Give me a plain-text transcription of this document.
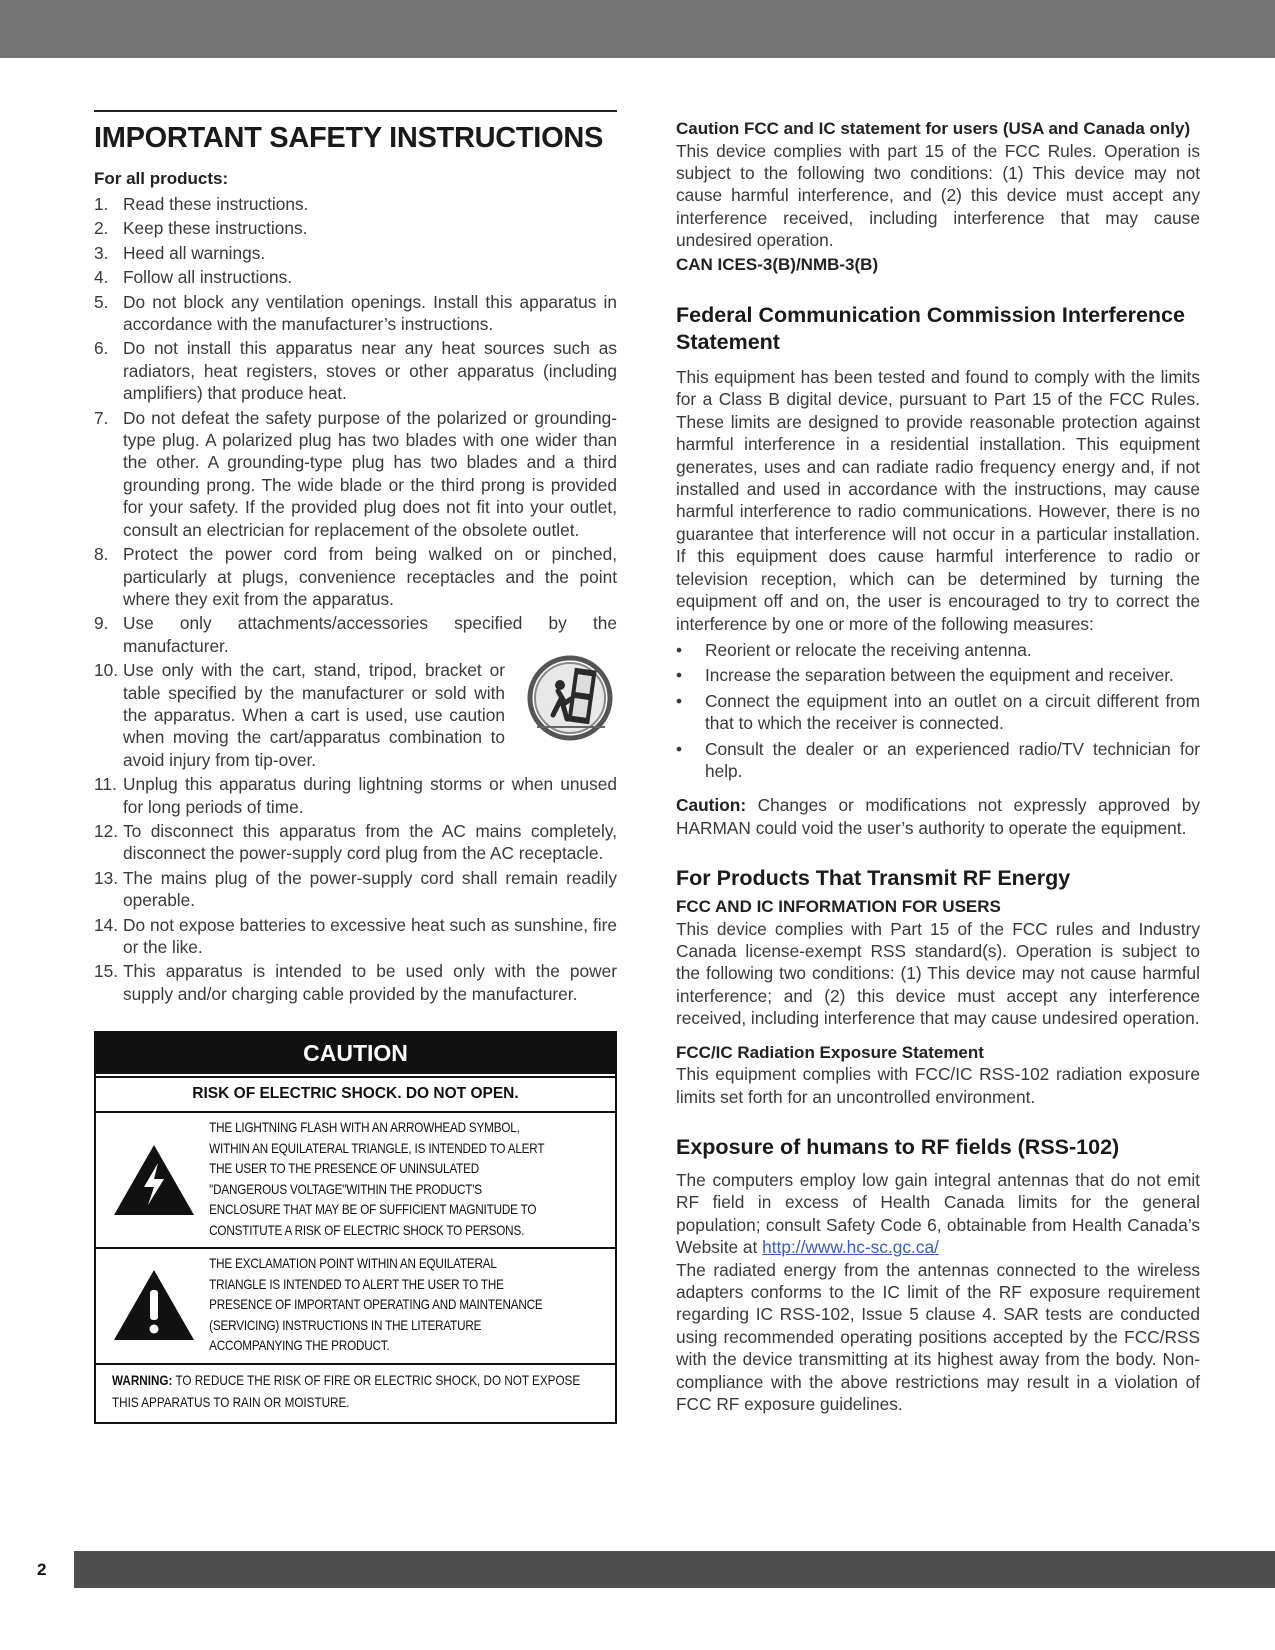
IMPORTANT SAFETY INSTRUCTIONS
For all products:
1. Read these instructions.
2. Keep these instructions.
3. Heed all warnings.
4. Follow all instructions.
5. Do not block any ventilation openings. Install this apparatus in accordance with the manufacturer’s instructions.
6. Do not install this apparatus near any heat sources such as radiators, heat registers, stoves or other apparatus (including amplifiers) that produce heat.
7. Do not defeat the safety purpose of the polarized or grounding-type plug. A polarized plug has two blades with one wider than the other. A grounding-type plug has two blades and a third grounding prong. The wide blade or the third prong is provided for your safety. If the provided plug does not fit into your outlet, consult an electrician for replacement of the obsolete outlet.
8. Protect the power cord from being walked on or pinched, particularly at plugs, convenience receptacles and the point where they exit from the apparatus.
9. Use only attachments/accessories specified by the manufacturer.
10. Use only with the cart, stand, tripod, bracket or table specified by the manufacturer or sold with the apparatus. When a cart is used, use caution when moving the cart/apparatus combination to avoid injury from tip-over.
11. Unplug this apparatus during lightning storms or when unused for long periods of time.
12. To disconnect this apparatus from the AC mains completely, disconnect the power-supply cord plug from the AC receptacle.
13. The mains plug of the power-supply cord shall remain readily operable.
14. Do not expose batteries to excessive heat such as sunshine, fire or the like.
15. This apparatus is intended to be used only with the power supply and/or charging cable provided by the manufacturer.
CAUTION
RISK OF ELECTRIC SHOCK. DO NOT OPEN.
THE LIGHTNING FLASH WITH AN ARROWHEAD SYMBOL, WITHIN AN EQUILATERAL TRIANGLE, IS INTENDED TO ALERT THE USER TO THE PRESENCE OF UNINSULATED "DANGEROUS VOLTAGE"WITHIN THE PRODUCT'S ENCLOSURE THAT MAY BE OF SUFFICIENT MAGNITUDE TO CONSTITUTE A RISK OF ELECTRIC SHOCK TO PERSONS.
THE EXCLAMATION POINT WITHIN AN EQUILATERAL TRIANGLE IS INTENDED TO ALERT THE USER TO THE PRESENCE OF IMPORTANT OPERATING AND MAINTENANCE (SERVICING) INSTRUCTIONS IN THE LITERATURE ACCOMPANYING THE PRODUCT.
WARNING: TO REDUCE THE RISK OF FIRE OR ELECTRIC SHOCK, DO NOT EXPOSE THIS APPARATUS TO RAIN OR MOISTURE.
Caution FCC and IC statement for users (USA and Canada only)

This device complies with part 15 of the FCC Rules. Operation is subject to the following two conditions: (1) This device may not cause harmful interference, and (2) this device must accept any interference received, including interference that may cause undesired operation.

CAN ICES-3(B)/NMB-3(B)
Federal Communication Commission Interference Statement

This equipment has been tested and found to comply with the limits for a Class B digital device, pursuant to Part 15 of the FCC Rules. These limits are designed to provide reasonable protection against harmful interference in a residential installation. This equipment generates, uses and can radiate radio frequency energy and, if not installed and used in accordance with the instructions, may cause harmful interference to radio communications. However, there is no guarantee that interference will not occur in a particular installation. If this equipment does cause harmful interference to radio or television reception, which can be determined by turning the equipment off and on, the user is encouraged to try to correct the interference by one or more of the following measures:

• Reorient or relocate the receiving antenna.
• Increase the separation between the equipment and receiver.
• Connect the equipment into an outlet on a circuit different from that to which the receiver is connected.
• Consult the dealer or an experienced radio/TV technician for help.

Caution: Changes or modifications not expressly approved by HARMAN could void the user’s authority to operate the equipment.

For Products That Transmit RF Energy
FCC AND IC INFORMATION FOR USERS

This device complies with Part 15 of the FCC rules and Industry Canada license-exempt RSS standard(s). Operation is subject to the following two conditions: (1) This device may not cause harmful interference; and (2) this device must accept any interference received, including interference that may cause undesired operation.

FCC/IC Radiation Exposure Statement

This equipment complies with FCC/IC RSS-102 radiation exposure limits set forth for an uncontrolled environment.

Exposure of humans to RF fields (RSS-102)

The computers employ low gain integral antennas that do not emit RF field in excess of Health Canada limits for the general population; consult Safety Code 6, obtainable from Health Canada’s Website at http://www.hc-sc.gc.ca/

The radiated energy from the antennas connected to the wireless adapters conforms to the IC limit of the RF exposure requirement regarding IC RSS-102, Issue 5 clause 4. SAR tests are conducted using recommended operating positions accepted by the FCC/RSS with the device transmitting at its highest away from the body. Non-compliance with the above restrictions may result in a violation of FCC RF exposure guidelines.

2
